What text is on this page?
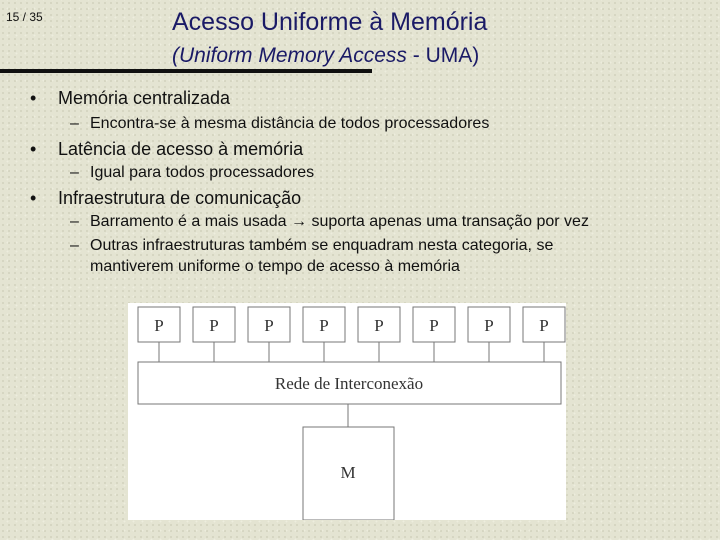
15 / 35	Acesso Uniforme à Memória
(Uniform Memory Access - UMA)
• Memória centralizada
– Encontra-se à mesma distância de todos processadores
• Latência de acesso à memória
– Igual para todos processadores
• Infraestrutura de comunicação
– Barramento é a mais usada → suporta apenas uma transação por vez
– Outras infraestruturas também se enquadram nesta categoria, se
mantiverem uniforme o tempo de acesso à memória
P	P	P	P	P	P	P	P
Rede de Interconexão
M
